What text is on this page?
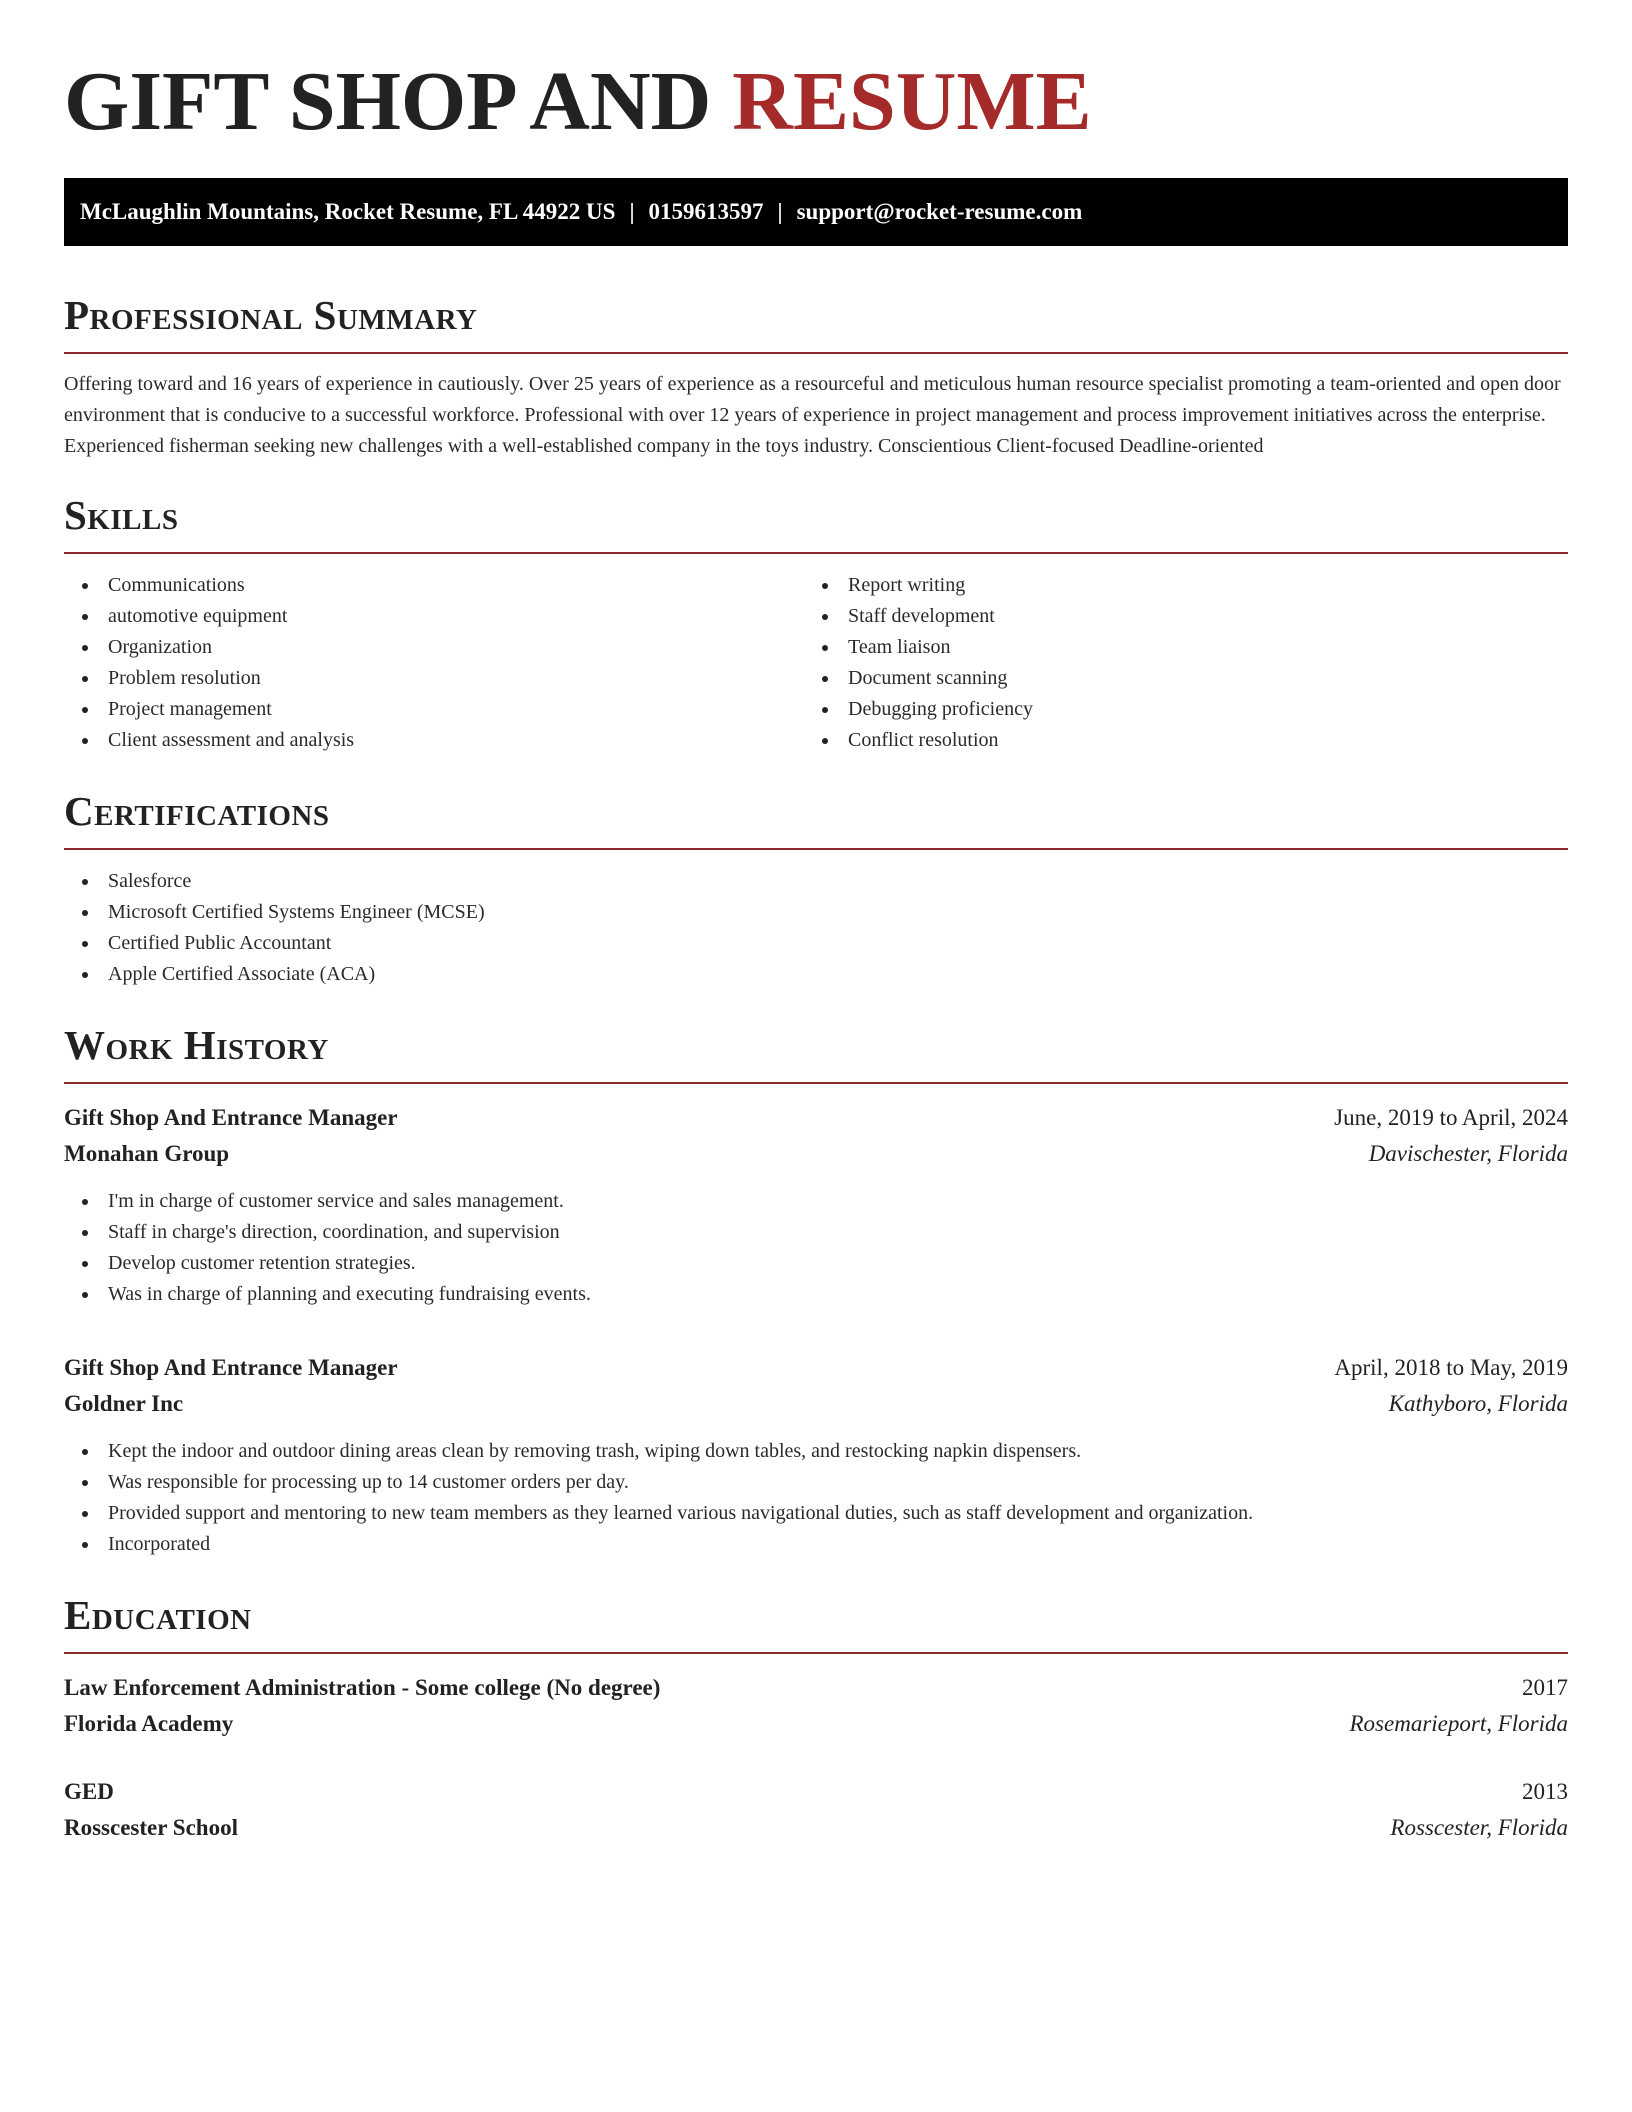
GIFT SHOP AND RESUME
McLaughlin Mountains, Rocket Resume, FL 44922 US | 0159613597 | support@rocket-resume.com
Professional Summary

Offering toward and 16 years of experience in cautiously. Over 25 years of experience as a resourceful and meticulous human resource specialist promoting a team-oriented and open door environment that is conducive to a successful workforce. Professional with over 12 years of experience in project management and process improvement initiatives across the enterprise. Experienced fisherman seeking new challenges with a well-established company in the toys industry. Conscientious Client-focused Deadline-oriented

Skills
Communications
automotive equipment
Organization
Problem resolution
Project management
Client assessment and analysis
Report writing
Staff development
Team liaison
Document scanning
Debugging proficiency
Conflict resolution
Certifications
Salesforce
Microsoft Certified Systems Engineer (MCSE)
Certified Public Accountant
Apple Certified Associate (ACA)
Work History
Gift Shop And Entrance Manager	June, 2019 to April, 2024
Monahan Group	Davischester, Florida
I'm in charge of customer service and sales management.
Staff in charge's direction, coordination, and supervision
Develop customer retention strategies.
Was in charge of planning and executing fundraising events.
Gift Shop And Entrance Manager	April, 2018 to May, 2019
Goldner Inc	Kathyboro, Florida
Kept the indoor and outdoor dining areas clean by removing trash, wiping down tables, and restocking napkin dispensers.
Was responsible for processing up to 14 customer orders per day.
Provided support and mentoring to new team members as they learned various navigational duties, such as staff development and organization.
Incorporated
Education
Law Enforcement Administration - Some college (No degree)	2017
Florida Academy	Rosemarieport, Florida
GED	2013
Rosscester School	Rosscester, Florida
